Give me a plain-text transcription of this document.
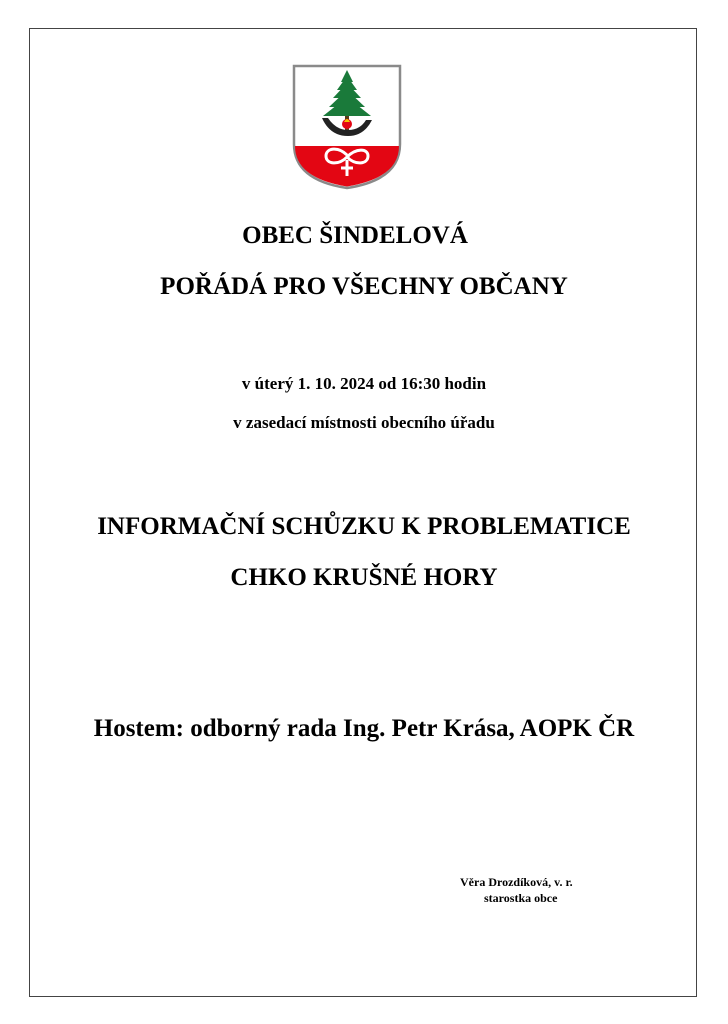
OBEC ŠINDELOVÁ
POŘÁDÁ PRO VŠECHNY OBČANY
v úterý 1. 10. 2024 od 16:30 hodin
v zasedací místnosti obecního úřadu
INFORMAČNÍ SCHŮZKU K PROBLEMATICE
CHKO KRUŠNÉ HORY
Hostem: odborný rada Ing. Petr Krása, AOPK ČR
Věra Drozdíková, v. r.
starostka obce
